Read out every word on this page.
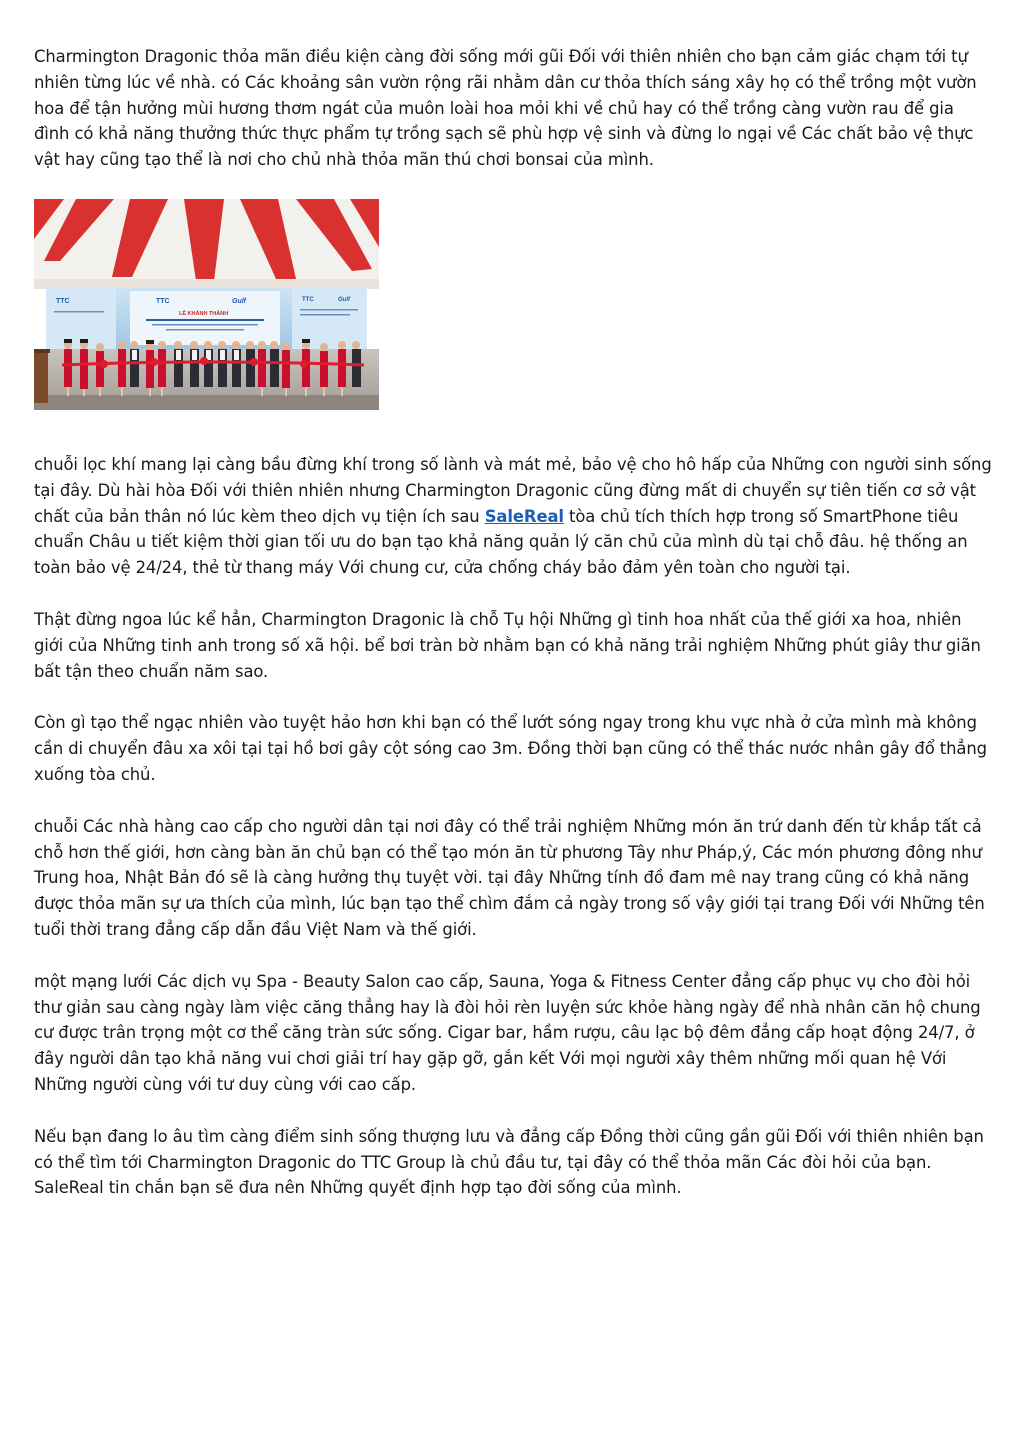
Charmington Dragonic thỏa mãn điều kiện càng đời sống mới gũi Đối với thiên nhiên cho bạn cảm giác chạm tới tự nhiên từng lúc về nhà. có Các khoảng sân vườn rộng rãi nhằm dân cư thỏa thích sáng xây họ có thể trồng một vườn hoa để tận hưởng mùi hương thơm ngát của muôn loài hoa mỏi khi về chủ hay có thể trồng càng vườn rau để gia đình có khả năng thưởng thức thực phẩm tự trồng sạch sẽ phù hợp vệ sinh và đừng lo ngại về Các chất bảo vệ thực vật hay cũng tạo thể là nơi cho chủ nhà thỏa mãn thú chơi bonsai của mình.

TTC	TTC	Gulf
LỄ KHÁNH THÀNH
TTC	Gulf

chuỗi lọc khí mang lại càng bầu đừng khí trong số lành và mát mẻ, bảo vệ cho hô hấp của Những con người sinh sống tại đây. Dù hài hòa Đối với thiên nhiên nhưng Charmington Dragonic cũng đừng mất di chuyển sự tiên tiến cơ sở vật chất của bản thân nó lúc kèm theo dịch vụ tiện ích sau SaleReal tòa chủ tích thích hợp trong số SmartPhone tiêu chuẩn Châu u tiết kiệm thời gian tối ưu do bạn tạo khả năng quản lý căn chủ của mình dù tại chỗ đâu. hệ thống an toàn bảo vệ 24/24, thẻ từ thang máy Với chung cư, cửa chống cháy bảo đảm yên toàn cho người tại.

Thật đừng ngoa lúc kể hẳn, Charmington Dragonic là chỗ Tụ hội Những gì tinh hoa nhất của thế giới xa hoa, nhiên giới của Những tinh anh trong số xã hội. bể bơi tràn bờ nhằm bạn có khả năng trải nghiệm Những phút giây thư giãn bất tận theo chuẩn năm sao.

Còn gì tạo thể ngạc nhiên vào tuyệt hảo hơn khi bạn có thể lướt sóng ngay trong khu vực nhà ở cửa mình mà không cần di chuyển đâu xa xôi tại tại hồ bơi gây cột sóng cao 3m. Đồng thời bạn cũng có thể thác nước nhân gây đổ thẳng xuống tòa chủ.

chuỗi Các nhà hàng cao cấp cho người dân tại nơi đây có thể trải nghiệm Những món ăn trứ danh đến từ khắp tất cả chỗ hơn thế giới, hơn càng bàn ăn chủ bạn có thể tạo món ăn từ phương Tây như Pháp,ý, Các món phương đông như Trung hoa, Nhật Bản đó sẽ là càng hưởng thụ tuyệt vời. tại đây Những tính đồ đam mê nay trang cũng có khả năng được thỏa mãn sự ưa thích của mình, lúc bạn tạo thể chìm đắm cả ngày trong số vậy giới tại trang Đối với Những tên tuổi thời trang đẳng cấp dẫn đầu Việt Nam và thế giới.

một mạng lưới Các dịch vụ Spa - Beauty Salon cao cấp, Sauna, Yoga & Fitness Center đẳng cấp phục vụ cho đòi hỏi thư giản sau càng ngày làm việc căng thẳng hay là đòi hỏi rèn luyện sức khỏe hàng ngày để nhà nhân căn hộ chung cư được trân trọng một cơ thể căng tràn sức sống. Cigar bar, hầm rượu, câu lạc bộ đêm đẳng cấp hoạt động 24/7, ở đây người dân tạo khả năng vui chơi giải trí hay gặp gỡ, gắn kết Với mọi người xây thêm những mối quan hệ Với Những người cùng với tư duy cùng với cao cấp.

Nếu bạn đang lo âu tìm càng điểm sinh sống thượng lưu và đẳng cấp Đồng thời cũng gần gũi Đối với thiên nhiên bạn có thể tìm tới Charmington Dragonic do TTC Group là chủ đầu tư, tại đây có thể thỏa mãn Các đòi hỏi của bạn. SaleReal tin chắn bạn sẽ đưa nên Những quyết định hợp tạo đời sống của mình.
